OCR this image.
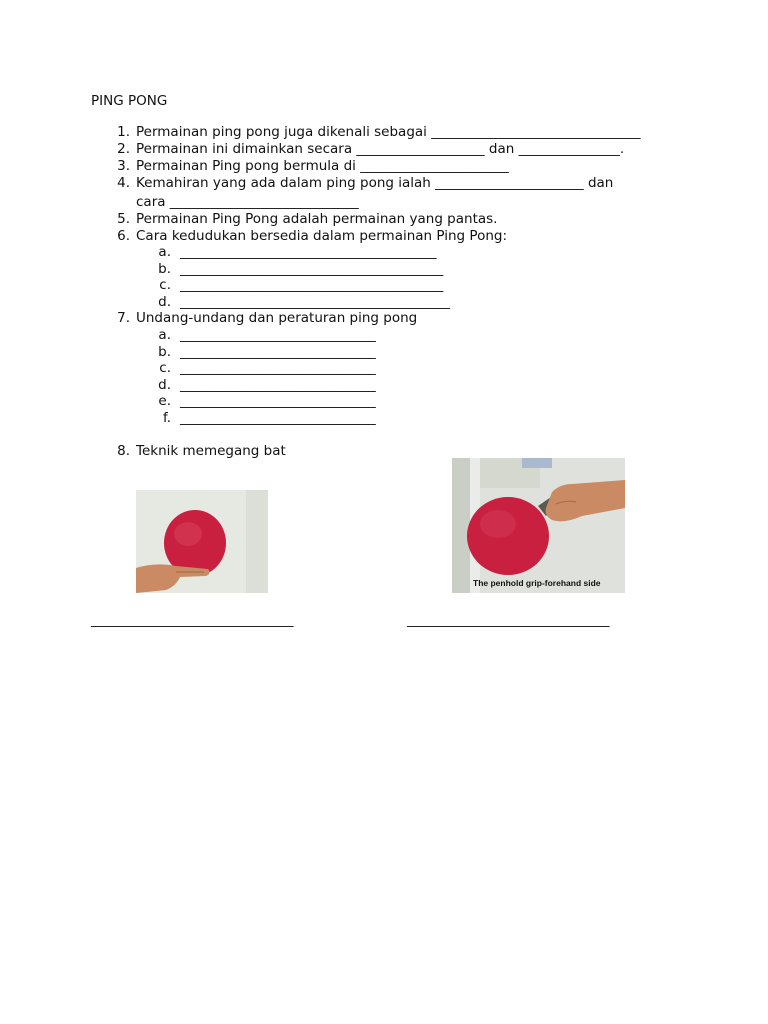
PING PONG
1. Permainan ping pong juga dikenali sebagai _______________________________
2. Permainan ini dimainkan secara ___________________ dan _______________.
3. Permainan Ping pong bermula di ______________________
4. Kemahiran yang ada dalam ping pong ialah ______________________ dan
cara ____________________________
5. Permainan Ping Pong adalah permainan yang pantas.
6. Cara kedudukan bersedia dalam permainan Ping Pong:
a. ______________________________________
b. _______________________________________
c. _______________________________________
d. ________________________________________
7. Undang-undang dan peraturan ping pong
a. _____________________________
b. _____________________________
c. _____________________________
d. _____________________________
e. _____________________________
f. _____________________________
8. Teknik memegang bat
The penhold grip-forehand side
______________________________	______________________________
